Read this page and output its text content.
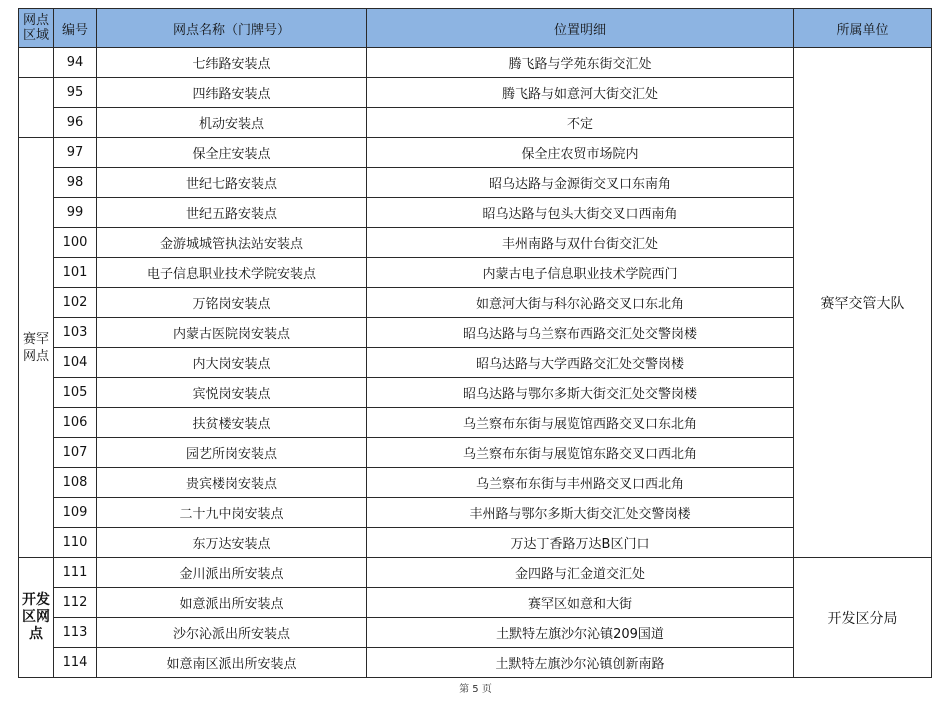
网点区域	编号	网点名称（门牌号）	位置明细	所属单位
	94	七纬路安装点	腾飞路与学苑东街交汇处	赛罕交管大队
	95	四纬路安装点	腾飞路与如意河大街交汇处	
	96	机动安装点	不定	
赛罕网点	97	保全庄安装点	保全庄农贸市场院内	
	98	世纪七路安装点	昭乌达路与金源街交叉口东南角	
	99	世纪五路安装点	昭乌达路与包头大街交叉口西南角	
	100	金游城城管执法站安装点	丰州南路与双什台街交汇处	
	101	电子信息职业技术学院安装点	内蒙古电子信息职业技术学院西门	
	102	万铭岗安装点	如意河大街与科尔沁路交叉口东北角	
	103	内蒙古医院岗安装点	昭乌达路与乌兰察布西路交汇处交警岗楼	
	104	内大岗安装点	昭乌达路与大学西路交汇处交警岗楼	
	105	宾悦岗安装点	昭乌达路与鄂尔多斯大街交汇处交警岗楼	
	106	扶贫楼安装点	乌兰察布东街与展览馆西路交叉口东北角	
	107	园艺所岗安装点	乌兰察布东街与展览馆东路交叉口西北角	
	108	贵宾楼岗安装点	乌兰察布东街与丰州路交叉口西北角	
	109	二十九中岗安装点	丰州路与鄂尔多斯大街交汇处交警岗楼	
	110	东万达安装点	万达丁香路万达B区门口	
开发区网点	111	金川派出所安装点	金四路与汇金道交汇处	开发区分局
	112	如意派出所安装点	赛罕区如意和大街	
	113	沙尔沁派出所安装点	土默特左旗沙尔沁镇209国道	
	114	如意南区派出所安装点	土默特左旗沙尔沁镇创新南路	
第 5 页
